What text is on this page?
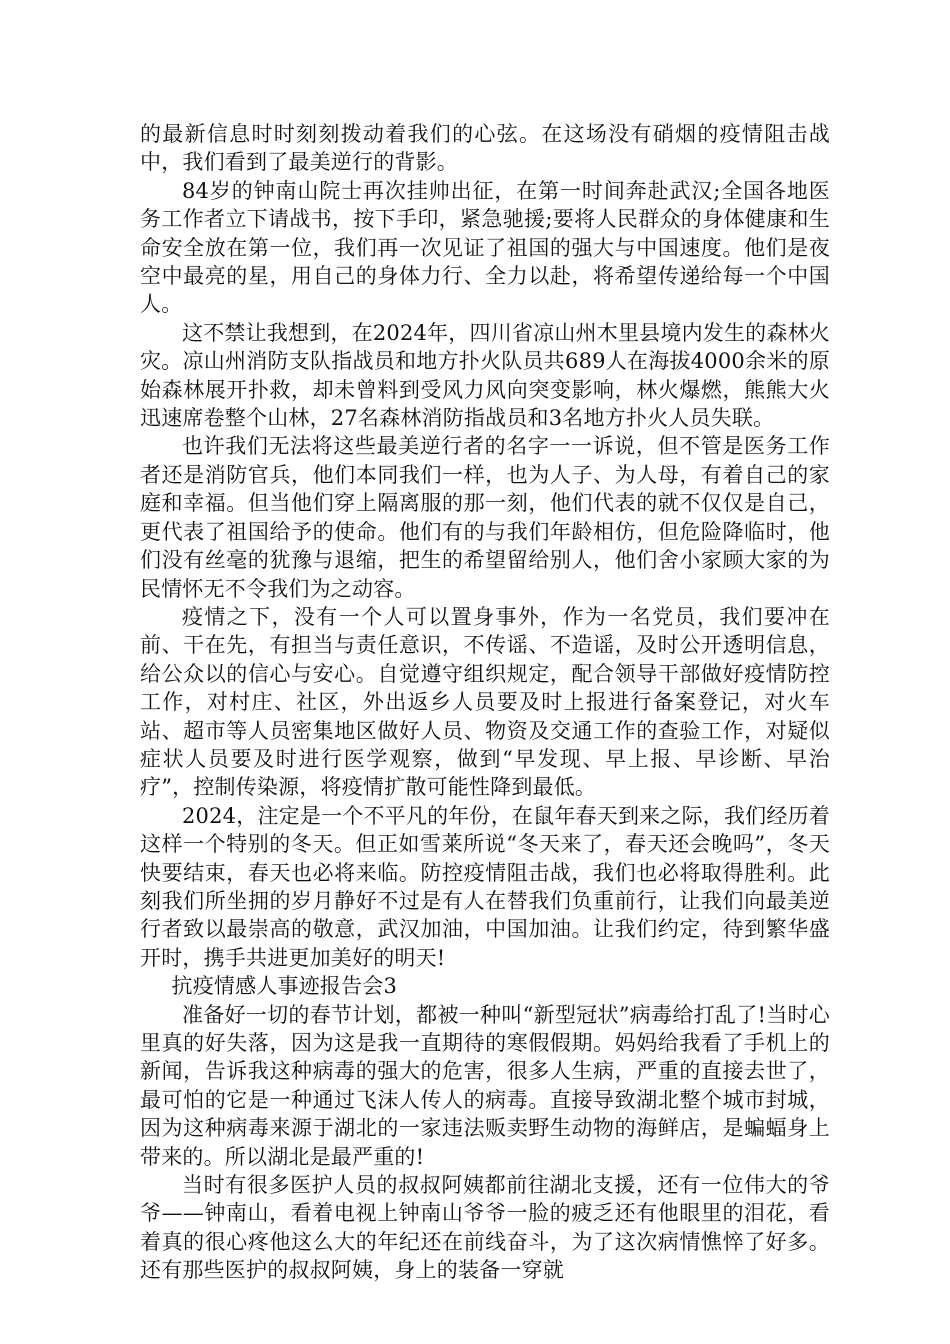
的最新信息时时刻刻拨动着我们的心弦。在这场没有硝烟的疫情阻击战中，我们看到了最美逆行的背影。

84岁的钟南山院士再次挂帅出征，在第一时间奔赴武汉;全国各地医务工作者立下请战书，按下手印，紧急驰援;要将人民群众的身体健康和生命安全放在第一位，我们再一次见证了祖国的强大与中国速度。他们是夜空中最亮的星，用自己的身体力行、全力以赴，将希望传递给每一个中国人。

这不禁让我想到，在2024年，四川省凉山州木里县境内发生的森林火灾。凉山州消防支队指战员和地方扑火队员共689人在海拔4000余米的原始森林展开扑救，却未曾料到受风力风向突变影响，林火爆燃，熊熊大火迅速席卷整个山林，27名森林消防指战员和3名地方扑火人员失联。

也许我们无法将这些最美逆行者的名字一一诉说，但不管是医务工作者还是消防官兵，他们本同我们一样，也为人子、为人母，有着自己的家庭和幸福。但当他们穿上隔离服的那一刻，他们代表的就不仅仅是自己，更代表了祖国给予的使命。他们有的与我们年龄相仿，但危险降临时，他们没有丝毫的犹豫与退缩，把生的希望留给别人，他们舍小家顾大家的为民情怀无不令我们为之动容。

疫情之下，没有一个人可以置身事外，作为一名党员，我们要冲在前、干在先，有担当与责任意识，不传谣、不造谣，及时公开透明信息，给公众以的信心与安心。自觉遵守组织规定，配合领导干部做好疫情防控工作，对村庄、社区，外出返乡人员要及时上报进行备案登记，对火车站、超市等人员密集地区做好人员、物资及交通工作的查验工作，对疑似症状人员要及时进行医学观察，做到“早发现、早上报、早诊断、早治疗”，控制传染源，将疫情扩散可能性降到最低。

2024，注定是一个不平凡的年份，在鼠年春天到来之际，我们经历着这样一个特别的冬天。但正如雪莱所说“冬天来了，春天还会晚吗”，冬天快要结束，春天也必将来临。防控疫情阻击战，我们也必将取得胜利。此刻我们所坐拥的岁月静好不过是有人在替我们负重前行，让我们向最美逆行者致以最崇高的敬意，武汉加油，中国加油。让我们约定，待到繁华盛开时，携手共进更加美好的明天!

抗疫情感人事迹报告会3

准备好一切的春节计划，都被一种叫“新型冠状”病毒给打乱了!当时心里真的好失落，因为这是我一直期待的寒假假期。妈妈给我看了手机上的新闻，告诉我这种病毒的强大的危害，很多人生病，严重的直接去世了，最可怕的它是一种通过飞沫人传人的病毒。直接导致湖北整个城市封城，因为这种病毒来源于湖北的一家违法贩卖野生动物的海鲜店，是蝙蝠身上带来的。所以湖北是最严重的!

当时有很多医护人员的叔叔阿姨都前往湖北支援，还有一位伟大的爷爷——钟南山，看着电视上钟南山爷爷一脸的疲乏还有他眼里的泪花，看着真的很心疼他这么大的年纪还在前线奋斗，为了这次病情憔悴了好多。还有那些医护的叔叔阿姨，身上的装备一穿就
